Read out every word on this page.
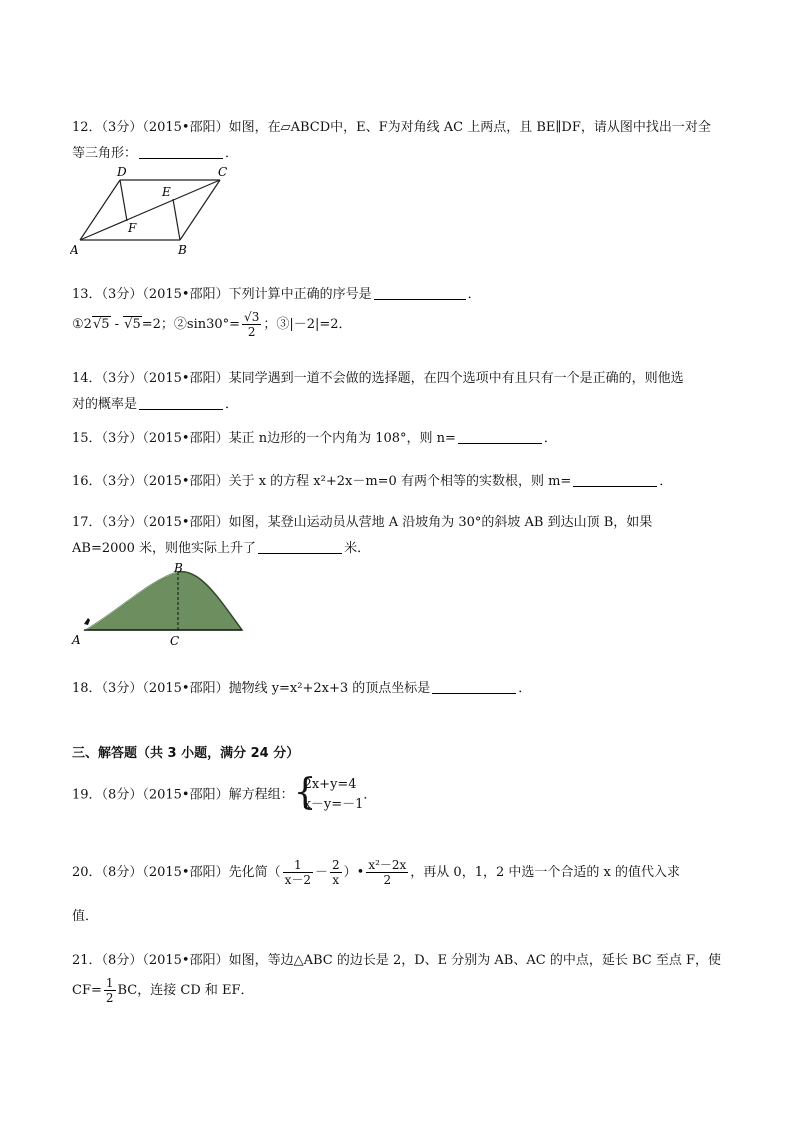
12．（3分）（2015•邵阳）如图，在▱ABCD中，E、F为对角线 AC 上两点，且 BE∥DF，请从图中找出一对全
等三角形：	．
A
D	C
B
E
F
13．（3分）（2015•邵阳）下列计算中正确的序号是	．
①2√5 - √5=2；②sin30°= $\frac{√3}{2}$ ；③|－2|=2．
14．（3分）（2015•邵阳）某同学遇到一道不会做的选择题，在四个选项中有且只有一个是正确的，则他选
对的概率是	．
15．（3分）（2015•邵阳）某正 n边形的一个内角为 108°，则 n=	．
16．（3分）（2015•邵阳）关于 x 的方程 x²+2x－m=0 有两个相等的实数根，则 m=	．
17．（3分）（2015•邵阳）如图，某登山运动员从营地 A 沿坡角为 30°的斜坡 AB 到达山顶 B，如果
AB=2000 米，则他实际上升了	米．
A
B
C
18．（3分）（2015•邵阳）抛物线 y=x²+2x+3 的顶点坐标是	．
三、解答题（共 3 小题，满分 24 分）
19．（8分）（2015•邵阳）解方程组： {
2x+y=4
x－y=－1
．
20．（8分）（2015•邵阳）先化简（ $\frac{1}{x-2} - \frac{2}{x}$ ）• $\frac{\text{x²－2x}}{2}$ ，再从 0，1，2 中选一个合适的 x 的值代入求
值．
21．（8分）（2015•邵阳）如图，等边△ABC 的边长是 2，D、E 分别为 AB、AC 的中点，延长 BC 至点 F，使
$CF= \frac{1}{2}$ BC，连接 CD 和 EF．
